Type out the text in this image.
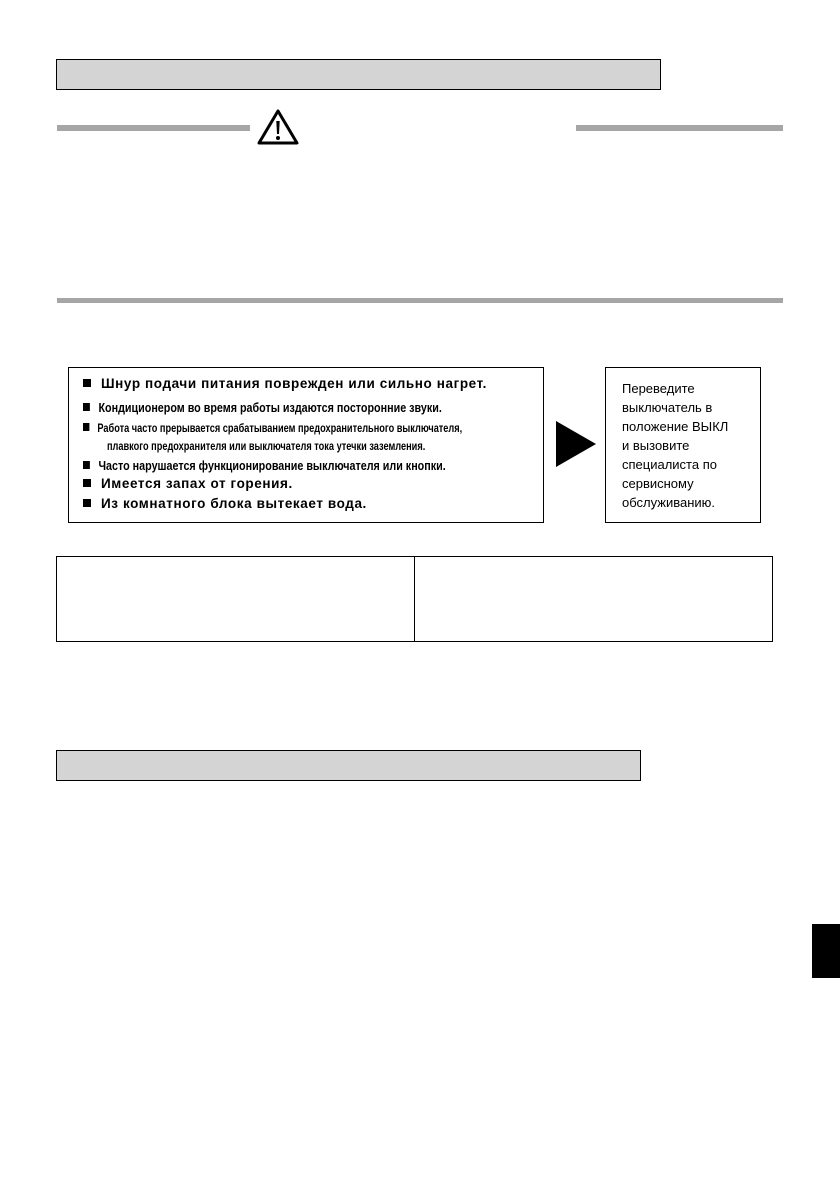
Шнур подачи питания поврежден или сильно нагрет.
Кондиционером во время работы издаются посторонние звуки.
Работа часто прерывается срабатыванием предохранительного выключателя,
плавкого предохранителя или выключателя тока утечки заземления.
Часто нарушается функционирование выключателя или кнопки.
Имеется запах от горения.
Из комнатного блока вытекает вода.
Переведите
выключатель в
положение ВЫКЛ
и вызовите
специалиста по
сервисному
обслуживанию.
